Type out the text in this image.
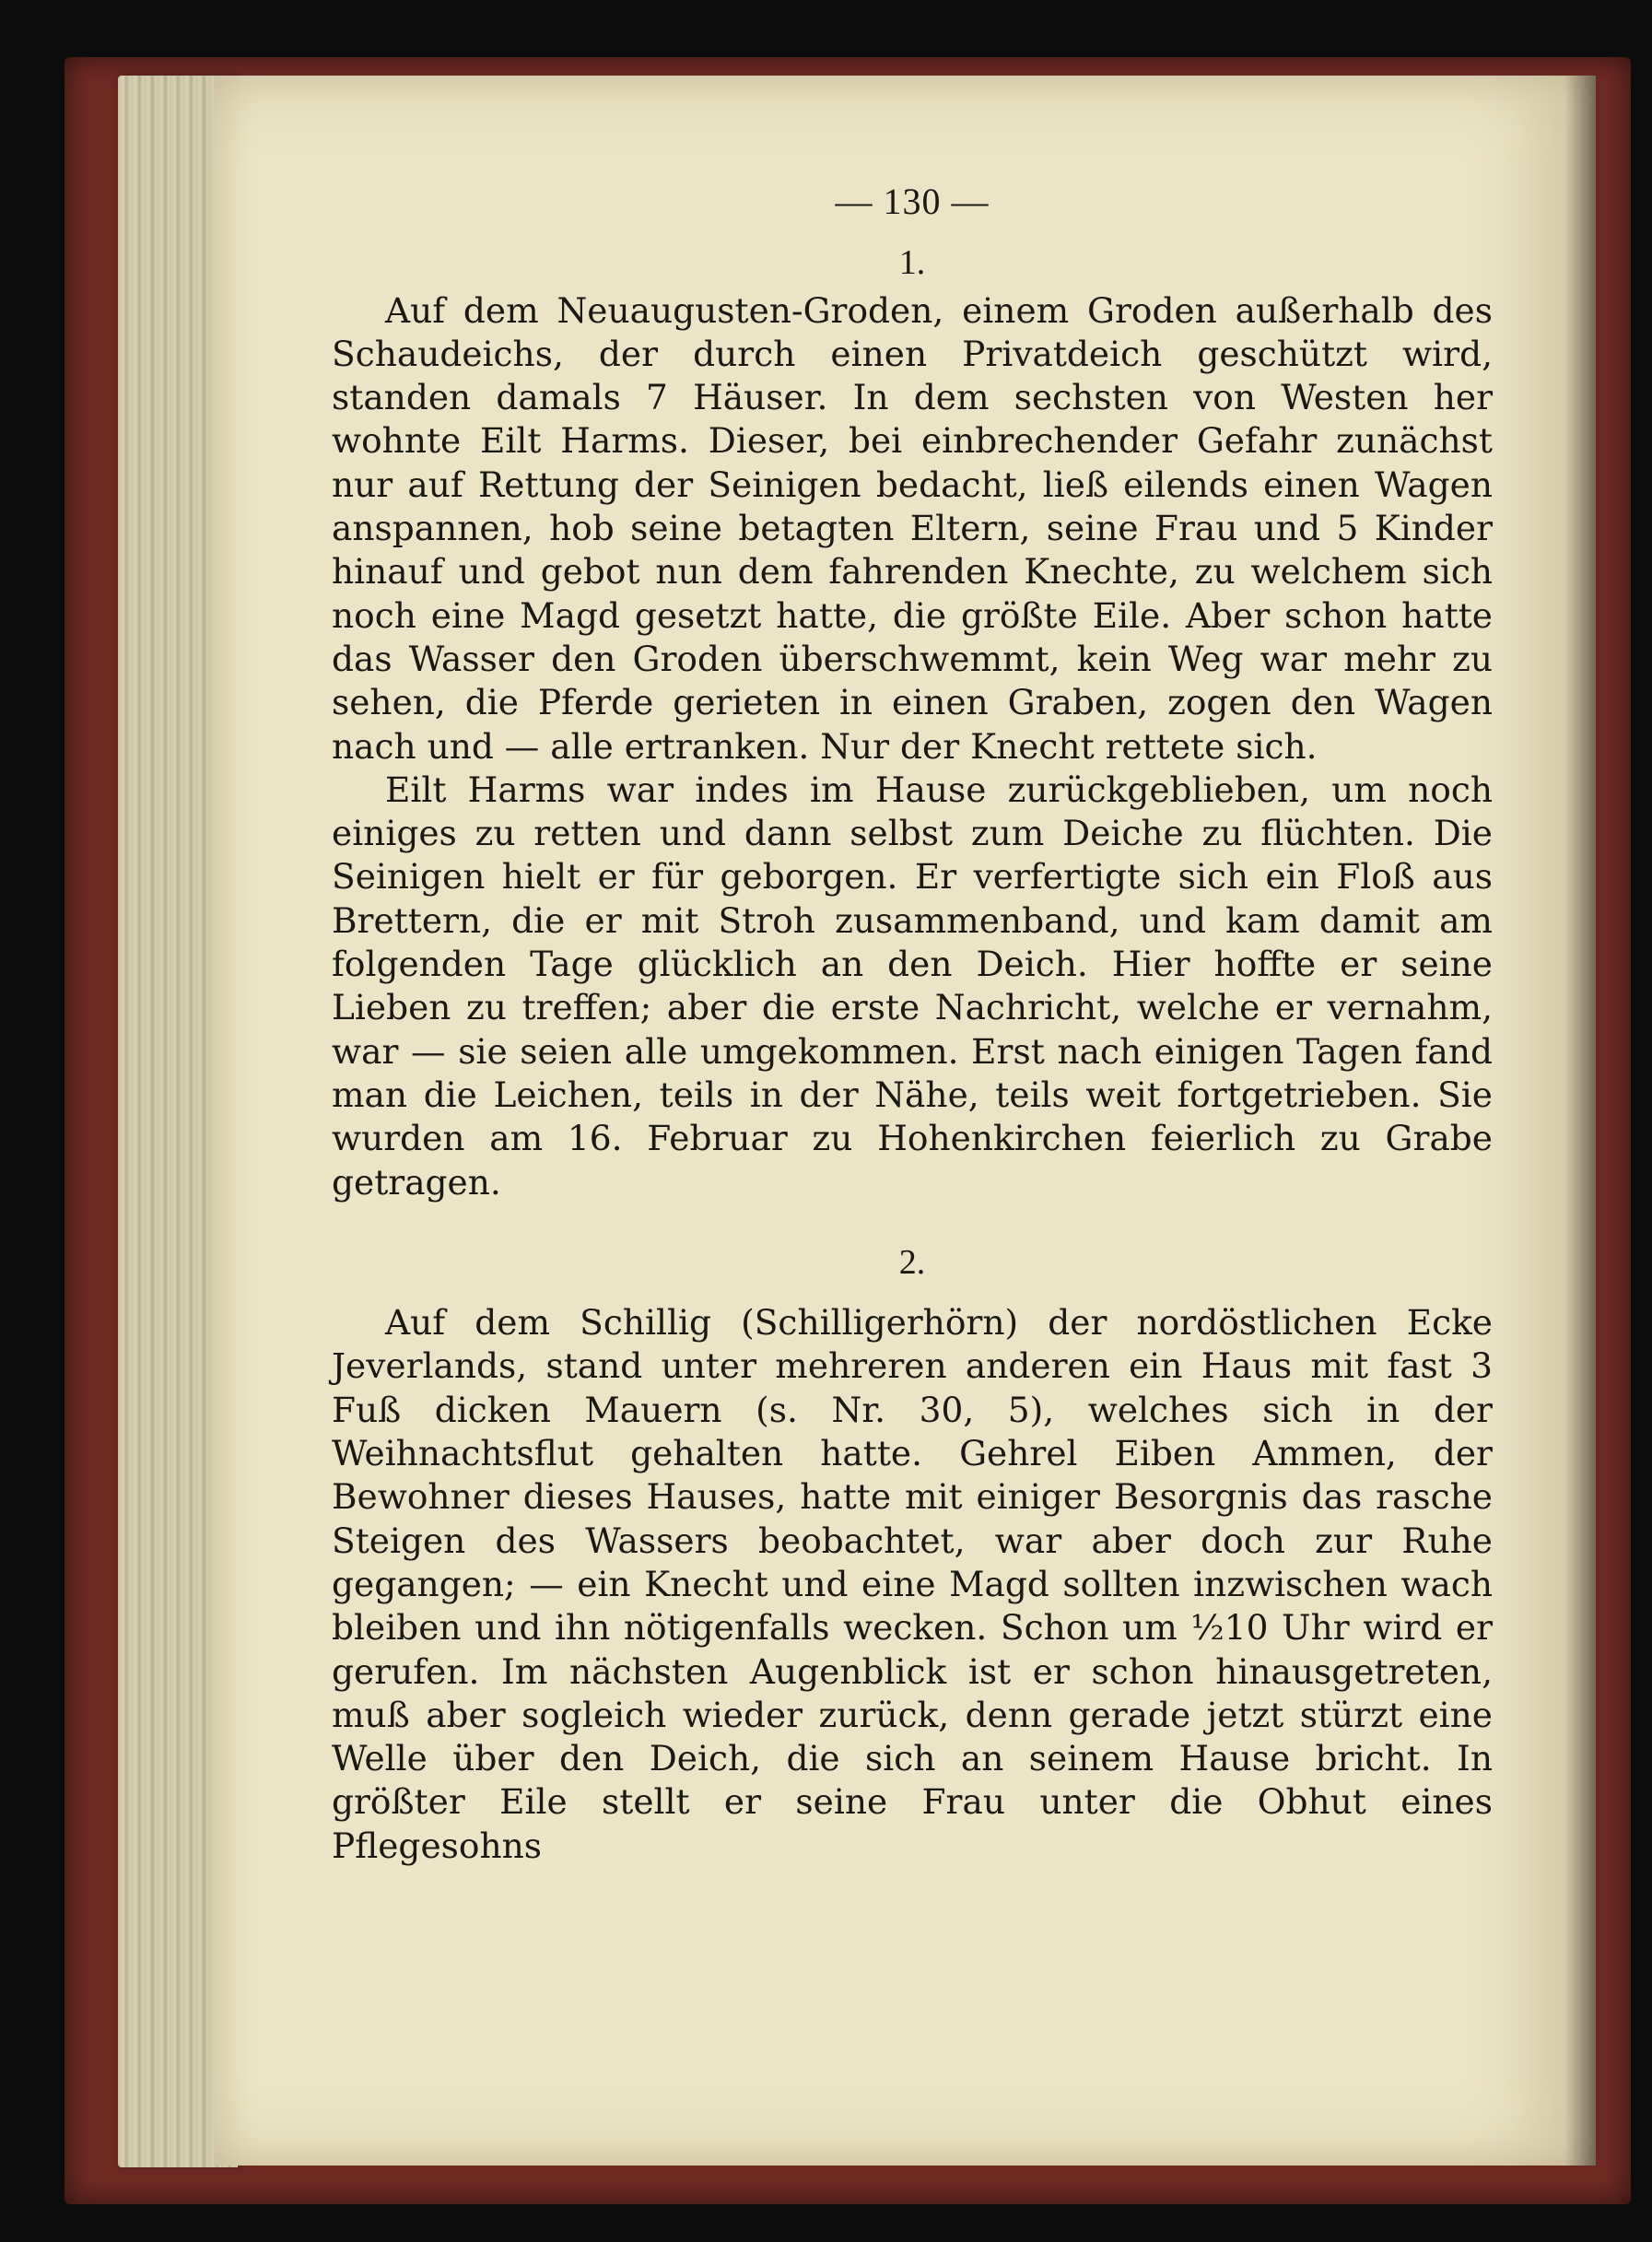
— 130 —
1.

Auf dem Neuaugusten-Groden, einem Groden außerhalb des Schaudeichs, der durch einen Privatdeich geschützt wird, standen damals 7 Häuser. In dem sechsten von Westen her wohnte Eilt Harms. Dieser, bei einbrechender Gefahr zunächst nur auf Rettung der Seinigen bedacht, ließ eilends einen Wagen anspannen, hob seine betagten Eltern, seine Frau und 5 Kinder hinauf und gebot nun dem fahrenden Knechte, zu welchem sich noch eine Magd gesetzt hatte, die größte Eile. Aber schon hatte das Wasser den Groden überschwemmt, kein Weg war mehr zu sehen, die Pferde gerieten in einen Graben, zogen den Wagen nach und — alle ertranken. Nur der Knecht rettete sich.

Eilt Harms war indes im Hause zurückgeblieben, um noch einiges zu retten und dann selbst zum Deiche zu flüchten. Die Seinigen hielt er für geborgen. Er verfertigte sich ein Floß aus Brettern, die er mit Stroh zusammenband, und kam damit am folgenden Tage glücklich an den Deich. Hier hoffte er seine Lieben zu treffen; aber die erste Nachricht, welche er vernahm, war — sie seien alle umgekommen. Erst nach einigen Tagen fand man die Leichen, teils in der Nähe, teils weit fortgetrieben. Sie wurden am 16. Februar zu Hohenkirchen feierlich zu Grabe getragen.

2.

Auf dem Schillig (Schilligerhörn) der nordöstlichen Ecke Jeverlands, stand unter mehreren anderen ein Haus mit fast 3 Fuß dicken Mauern (s. Nr. 30, 5), welches sich in der Weihnachtsflut gehalten hatte. Gehrel Eiben Ammen, der Bewohner dieses Hauses, hatte mit einiger Besorgnis das rasche Steigen des Wassers beobachtet, war aber doch zur Ruhe gegangen; — ein Knecht und eine Magd sollten inzwischen wach bleiben und ihn nötigenfalls wecken. Schon um ½10 Uhr wird er gerufen. Im nächsten Augenblick ist er schon hinausgetreten, muß aber sogleich wieder zurück, denn gerade jetzt stürzt eine Welle über den Deich, die sich an seinem Hause bricht. In größter Eile stellt er seine Frau unter die Obhut eines Pflegesohns
